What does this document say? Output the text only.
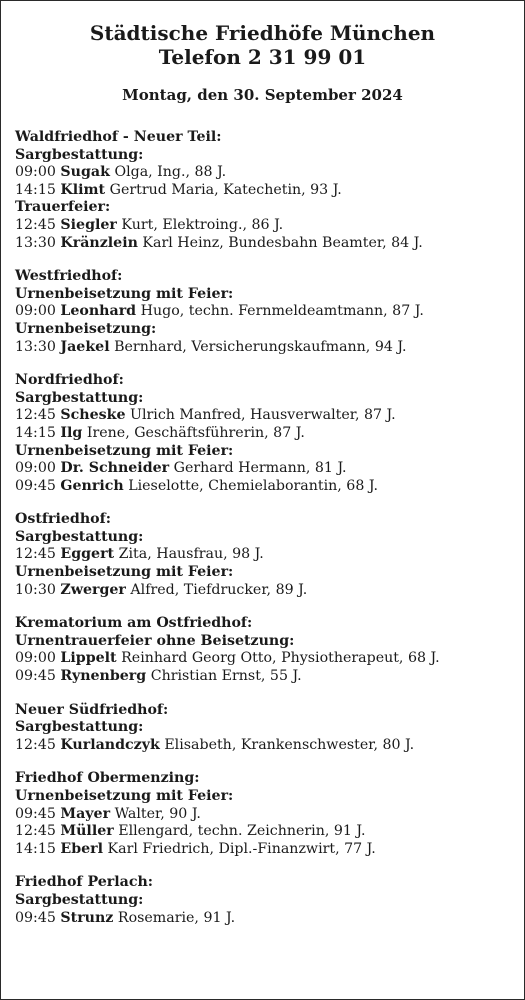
Städtische Friedhöfe München
Telefon 2 31 99 01
Montag, den 30. September 2024
Waldfriedhof - Neuer Teil:
Sargbestattung:
09:00 Sugak Olga, Ing., 88 J.
14:15 Klimt Gertrud Maria, Katechetin, 93 J.
Trauerfeier:
12:45 Siegler Kurt, Elektroing., 86 J.
13:30 Kränzlein Karl Heinz, Bundesbahn Beamter, 84 J.
Westfriedhof:
Urnenbeisetzung mit Feier:
09:00 Leonhard Hugo, techn. Fernmeldeamtmann, 87 J.
Urnenbeisetzung:
13:30 Jaekel Bernhard, Versicherungskaufmann, 94 J.
Nordfriedhof:
Sargbestattung:
12:45 Scheske Ulrich Manfred, Hausverwalter, 87 J.
14:15 Ilg Irene, Geschäftsführerin, 87 J.
Urnenbeisetzung mit Feier:
09:00 Dr. Schneider Gerhard Hermann, 81 J.
09:45 Genrich Lieselotte, Chemielaborantin, 68 J.
Ostfriedhof:
Sargbestattung:
12:45 Eggert Zita, Hausfrau, 98 J.
Urnenbeisetzung mit Feier:
10:30 Zwerger Alfred, Tiefdrucker, 89 J.
Krematorium am Ostfriedhof:
Urnentrauerfeier ohne Beisetzung:
09:00 Lippelt Reinhard Georg Otto, Physiotherapeut, 68 J.
09:45 Rynenberg Christian Ernst, 55 J.
Neuer Südfriedhof:
Sargbestattung:
12:45 Kurlandczyk Elisabeth, Krankenschwester, 80 J.
Friedhof Obermenzing:
Urnenbeisetzung mit Feier:
09:45 Mayer Walter, 90 J.
12:45 Müller Ellengard, techn. Zeichnerin, 91 J.
14:15 Eberl Karl Friedrich, Dipl.-Finanzwirt, 77 J.
Friedhof Perlach:
Sargbestattung:
09:45 Strunz Rosemarie, 91 J.
